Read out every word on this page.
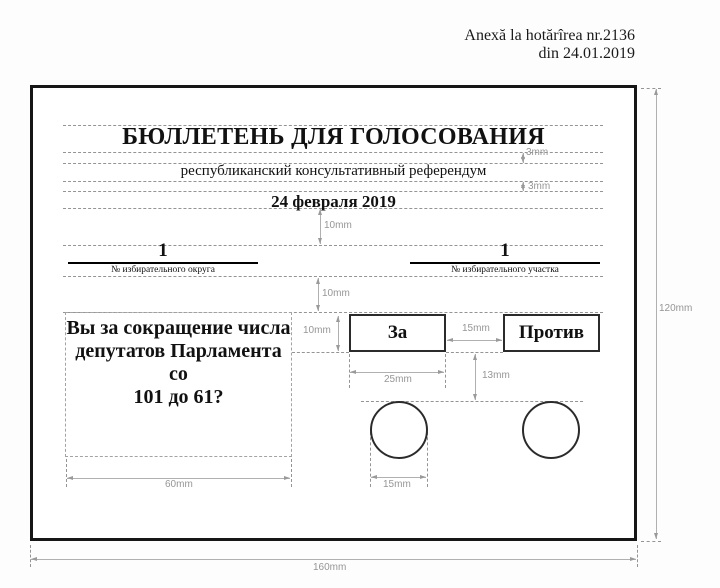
Anexă la hotărîrea nr.2136
din 24.01.2019
БЮЛЛЕТЕНЬ ДЛЯ ГОЛОСОВАНИЯ
республиканский консультативный референдум
24 февраля 2019
1
№ избирательного округа
1
№ избирательного участка
Вы за сокращение числа
депутатов Парламента со
101 до 61?
За	Против
3mm
3mm
10mm
10mm
10mm	15mm
25mm	13mm
15mm
60mm
120mm
160mm
